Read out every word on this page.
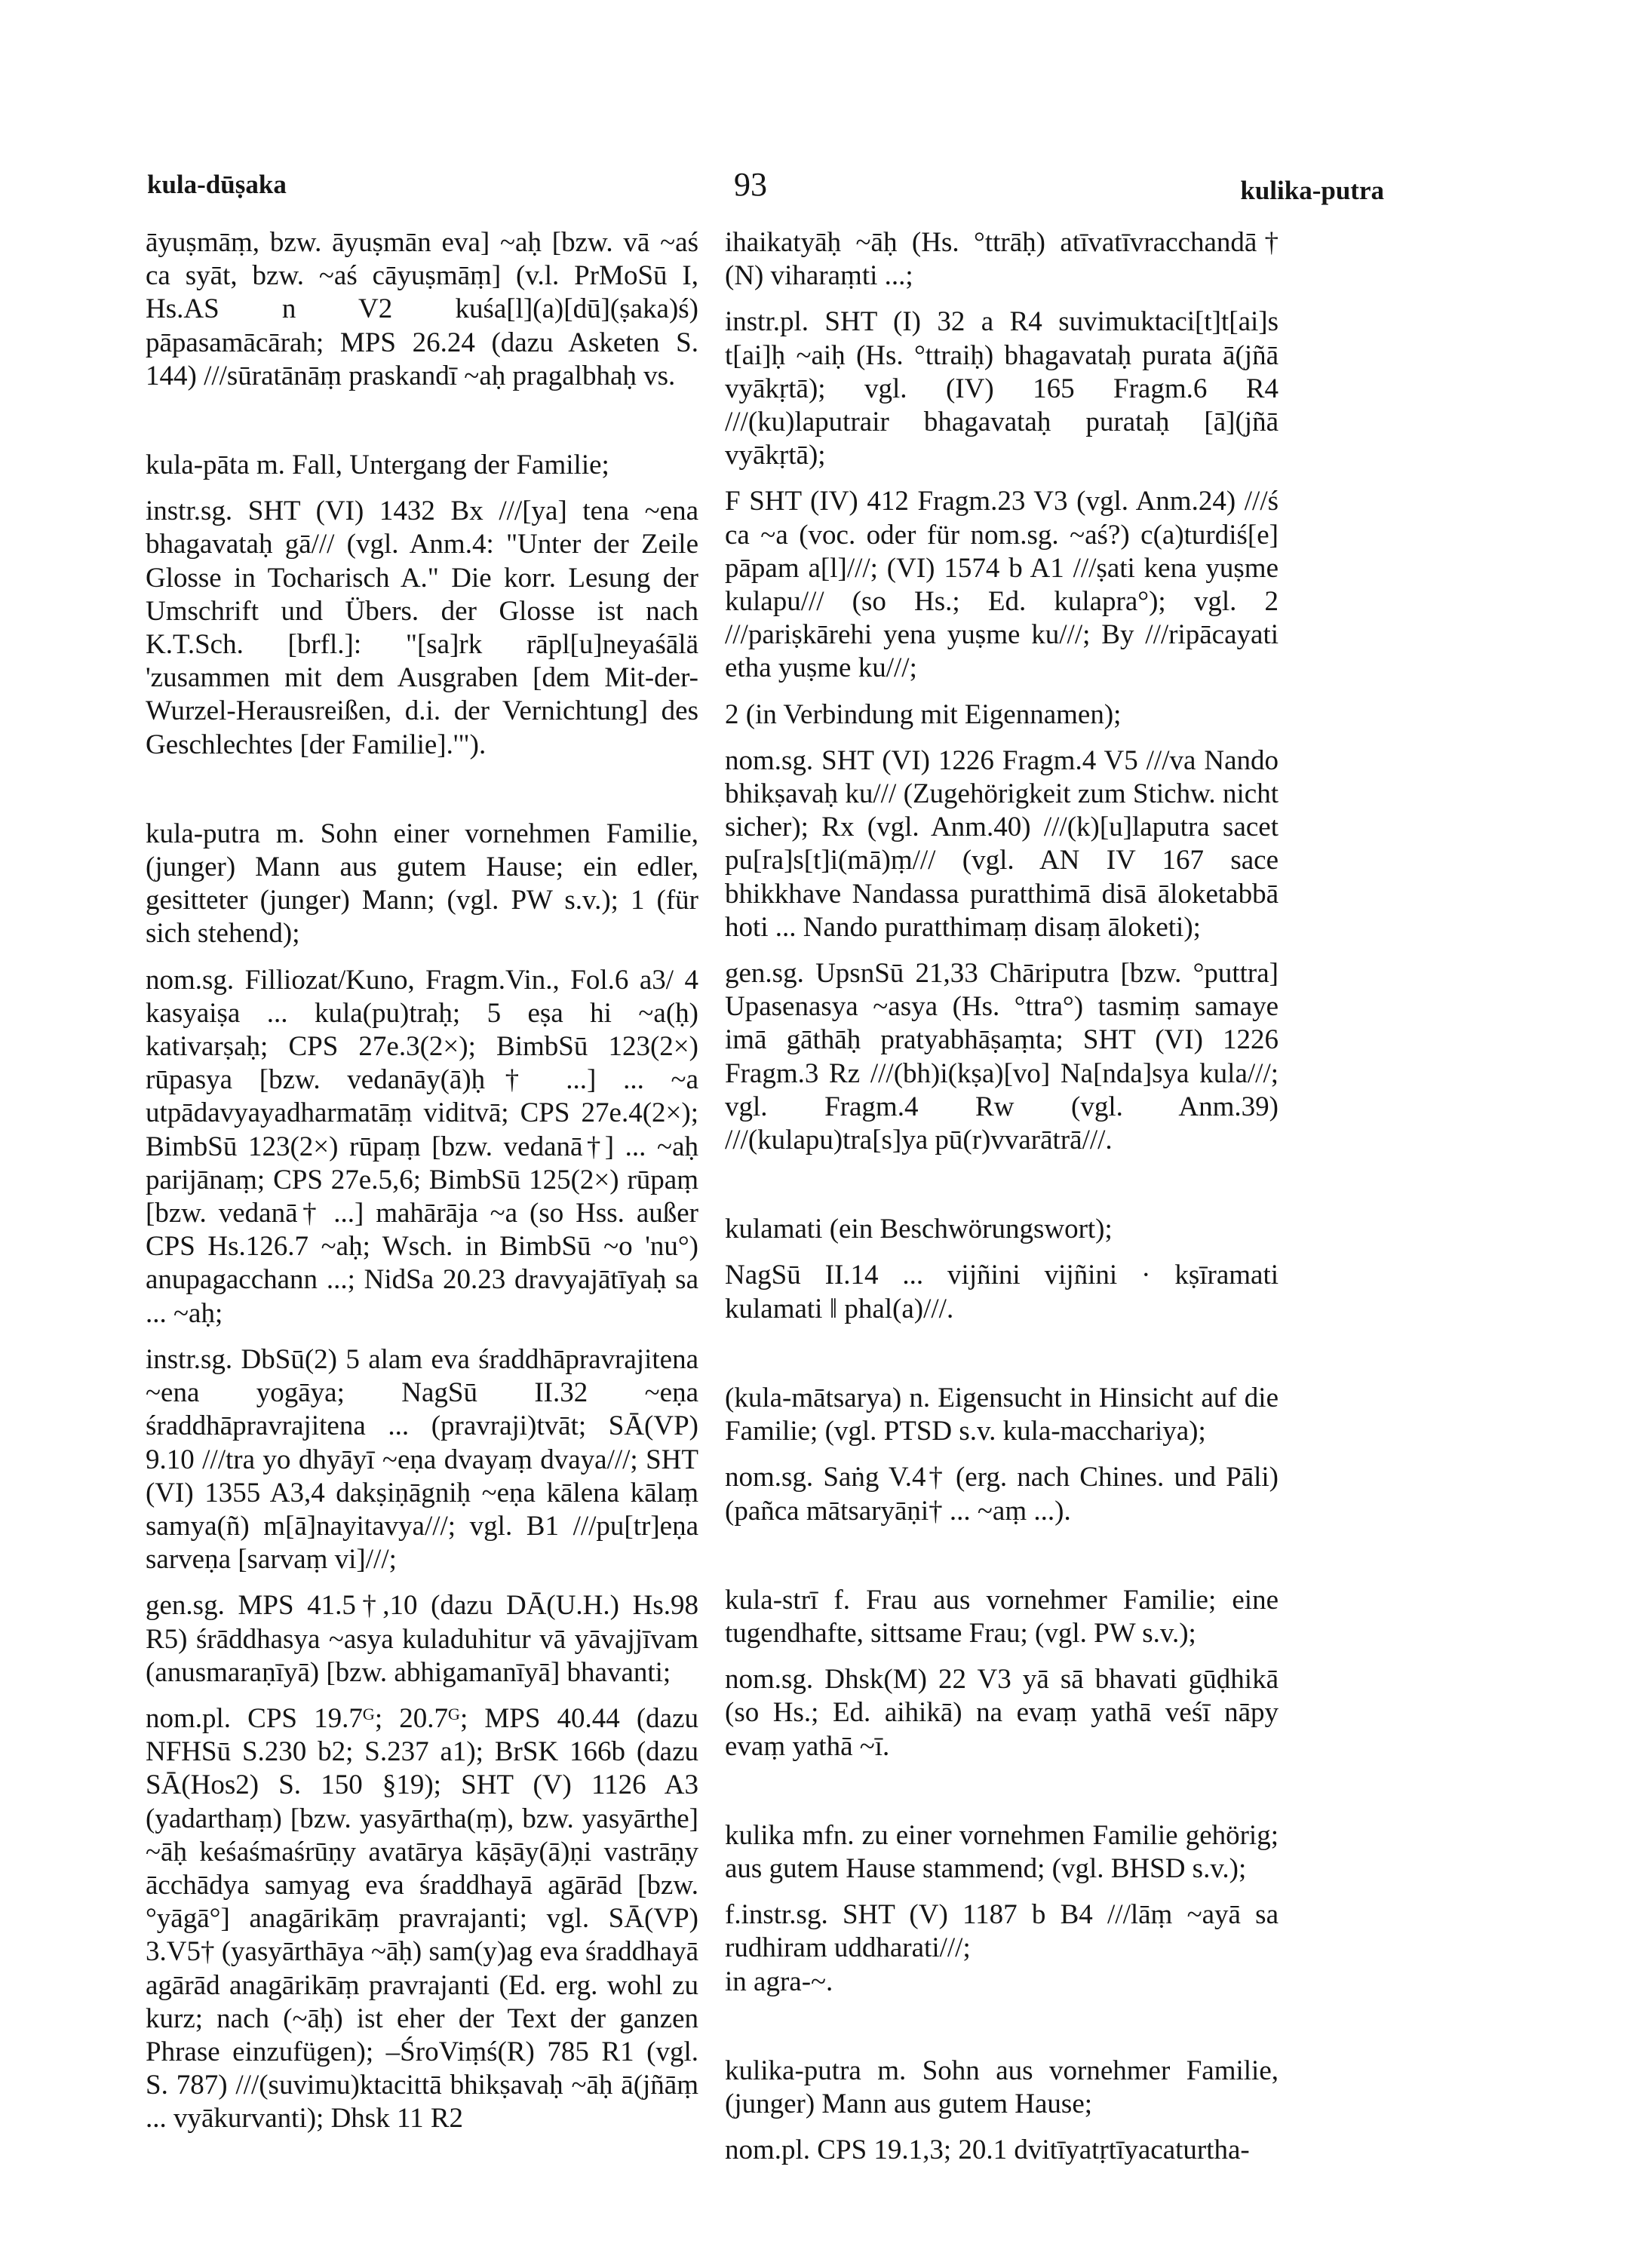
kula-dūṣaka	93	kulika-putra

āyuṣmāṃ, bzw. āyuṣmān eva] ~aḥ [bzw. vā ~aś ca syāt, bzw. ~aś cāyuṣmāṃ] (v.l. PrMoSū I, Hs.AS n V2 kuśa[l](a)[dū](ṣaka)ś) pāpasamācārah; MPS 26.24 (dazu Asketen S. 144) ///sūratānāṃ praskandī ~aḥ pragalbhaḥ vs.

kula-pāta m. Fall, Untergang der Familie;

instr.sg. SHT (VI) 1432 Bx ///[ya] tena ~ena bhagavataḥ gā/// (vgl. Anm.4: "Unter der Zeile Glosse in Tocharisch A." Die korr. Lesung der Umschrift und Übers. der Glosse ist nach K.T.Sch. [brfl.]: "[sa]rk rāpl[u]neyaśālä 'zusammen mit dem Ausgraben [dem Mit-der-Wurzel-Herausreißen, d.i. der Vernichtung] des Geschlechtes [der Familie].'").

kula-putra m. Sohn einer vornehmen Familie, (junger) Mann aus gutem Hause; ein edler, gesitteter (junger) Mann; (vgl. PW s.v.); 1 (für sich stehend);

nom.sg. Filliozat/Kuno, Fragm.Vin., Fol.6 a3/ 4 kasyaiṣa ... kula(pu)traḥ; 5 eṣa hi ~a(ḥ) kativarṣaḥ; CPS 27e.3(2×); BimbSū 123(2×) rūpasya [bzw. vedanāy(ā)ḥ† ...] ... ~a utpādavyayadharmatāṃ viditvā; CPS 27e.4(2×); BimbSū 123(2×) rūpaṃ [bzw. vedanā†] ... ~aḥ parijānaṃ; CPS 27e.5,6; BimbSū 125(2×) rūpaṃ [bzw. vedanā† ...] mahārāja ~a (so Hss. außer CPS Hs.126.7 ~aḥ; Wsch. in BimbSū ~o 'nu°) anupagacchann ...; NidSa 20.23 dravyajātīyaḥ sa ... ~aḥ;

instr.sg. DbSū(2) 5 alam eva śraddhāpravrajitena ~ena yogāya; NagSū II.32 ~eṇa śraddhāpravrajitena ... (pravraji)tvāt; SĀ(VP) 9.10 ///tra yo dhyāyī ~eṇa dvayaṃ dvaya///; SHT (VI) 1355 A3,4 dakṣiṇāgniḥ ~eṇa kālena kālaṃ samya(ñ) m[ā]nayitavya///; vgl. B1 ///pu[tr]eṇa sarveṇa [sarvaṃ vi]///;

gen.sg. MPS 41.5†,10 (dazu DĀ(U.H.) Hs.98 R5) śrāddhasya ~asya kuladuhitur vā yāvajjīvam (anusmaraṇīyā) [bzw. abhigamanīyā] bhavanti;

nom.pl. CPS 19.7ᴳ; 20.7ᴳ; MPS 40.44 (dazu NFHSū S.230 b2; S.237 a1); BrSK 166b (dazu SĀ(Hos2) S. 150 §19); SHT (V) 1126 A3 (yadarthaṃ) [bzw. yasyārtha(ṃ), bzw. yasyārthe] ~āḥ keśaśmaśrūṇy avatārya kāṣāy(ā)ṇi vastrāṇy ācchādya samyag eva śraddhayā agārād [bzw. °yāgā°] anagārikāṃ pravrajanti; vgl. SĀ(VP) 3.V5† (yasyārthāya ~āḥ) sam(y)ag eva śraddhayā agārād anagārikāṃ pravrajanti (Ed. erg. wohl zu kurz; nach (~āḥ) ist eher der Text der ganzen Phrase einzufügen); –ŚroViṃś(R) 785 R1 (vgl. S. 787) ///(suvimu)ktacittā bhikṣavaḥ ~āḥ ā(jñāṃ ... vyākurvanti); Dhsk 11 R2

ihaikatyāḥ ~āḥ (Hs. °ttrāḥ) atīvatīvracchandā† (N) viharaṃti ...;

instr.pl. SHT (I) 32 a R4 suvimuktaci[t]t[ai]s t[ai]ḥ ~aiḥ (Hs. °ttraiḥ) bhagavataḥ purata ā(jñā vyākṛtā); vgl. (IV) 165 Fragm.6 R4 ///(ku)laputrair bhagavataḥ purataḥ [ā](jñā vyākṛtā);

F SHT (IV) 412 Fragm.23 V3 (vgl. Anm.24) ///ś ca ~a (voc. oder für nom.sg. ~aś?) c(a)turdiś[e] pāpam a[l]///; (VI) 1574 b A1 ///ṣati kena yuṣme kulapu/// (so Hs.; Ed. kulapra°); vgl. 2 ///pariṣkārehi yena yuṣme ku///; By ///ripācayati etha yuṣme ku///;

2 (in Verbindung mit Eigennamen);

nom.sg. SHT (VI) 1226 Fragm.4 V5 ///va Nando bhikṣavaḥ ku/// (Zugehörigkeit zum Stichw. nicht sicher); Rx (vgl. Anm.40) ///(k)[u]laputra sacet pu[ra]s[t]i(mā)ṃ/// (vgl. AN IV 167 sace bhikkhave Nandassa puratthimā disā āloketabbā hoti ... Nando puratthimaṃ disaṃ āloketi);

gen.sg. UpsnSū 21,33 Chāriputra [bzw. °puttra] Upasenasya ~asya (Hs. °ttra°) tasmiṃ samaye imā gāthāḥ pratyabhāṣaṃta; SHT (VI) 1226 Fragm.3 Rz ///(bh)i(kṣa)[vo] Na[nda]sya kula///; vgl. Fragm.4 Rw (vgl. Anm.39) ///(kulapu)tra[s]ya pū(r)vvarātrā///.

kulamati (ein Beschwörungswort);

NagSū II.14 ... vijñini vijñini · kṣīramati kulamati ‖ phal(a)///.

(kula-mātsarya) n. Eigensucht in Hinsicht auf die Familie; (vgl. PTSD s.v. kula-macchariya);

nom.sg. Saṅg V.4† (erg. nach Chines. und Pāli) (pañca mātsaryāṇi† ... ~aṃ ...).

kula-strī f. Frau aus vornehmer Familie; eine tugendhafte, sittsame Frau; (vgl. PW s.v.);

nom.sg. Dhsk(M) 22 V3 yā sā bhavati gūḍhikā (so Hs.; Ed. aihikā) na evaṃ yathā veśī nāpy evaṃ yathā ~ī.

kulika mfn. zu einer vornehmen Familie gehörig; aus gutem Hause stammend; (vgl. BHSD s.v.);

f.instr.sg. SHT (V) 1187 b B4 ///lāṃ ~ayā sa rudhiram uddharati///;

in agra-~.

kulika-putra m. Sohn aus vornehmer Familie, (junger) Mann aus gutem Hause;

nom.pl. CPS 19.1,3; 20.1 dvitīyatṛtīyacaturtha-
